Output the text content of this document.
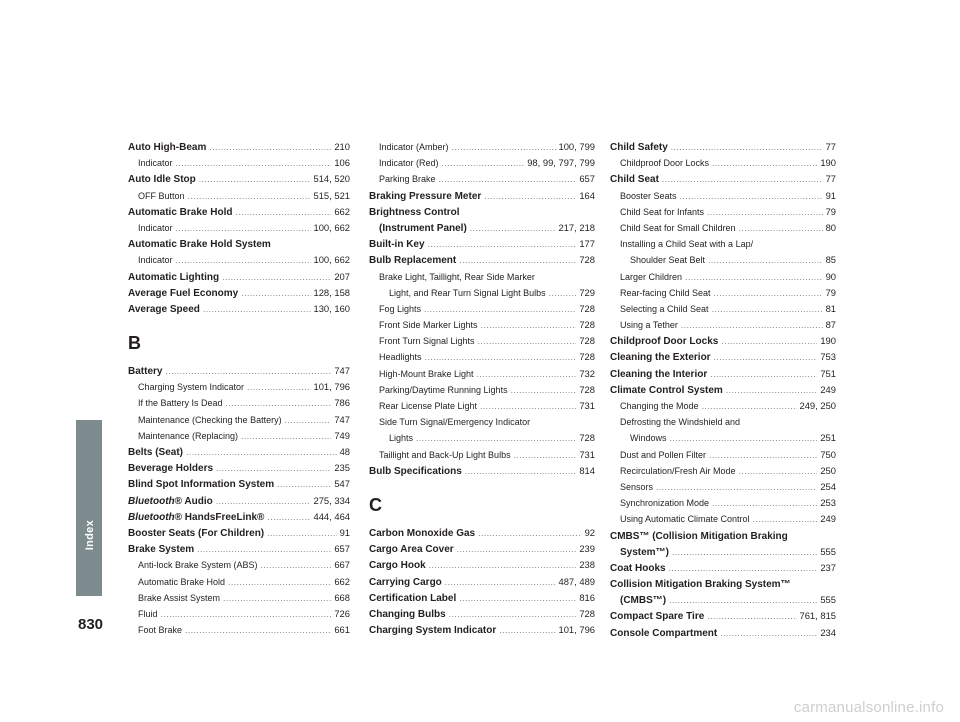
Index
830
Auto High-Beam .....	210
Indicator .....	106
Auto Idle Stop .....	514, 520
OFF Button .....	515, 521
Automatic Brake Hold .....	662
Indicator .....	100, 662
Automatic Brake Hold System
Indicator .....	100, 662
Automatic Lighting .....	207
Average Fuel Economy .....	128, 158
Average Speed .....	130, 160
B
Battery .....	747
Charging System Indicator .....	101, 796
If the Battery Is Dead .....	786
Maintenance (Checking the Battery) .....	747
Maintenance (Replacing) .....	749
Belts (Seat) .....	48
Beverage Holders .....	235
Blind Spot Information System .....	547
Bluetooth® Audio .....	275, 334
Bluetooth® HandsFreeLink® .....	444, 464
Booster Seats (For Children) .....	91
Brake System .....	657
Anti-lock Brake System (ABS) .....	667
Automatic Brake Hold .....	662
Brake Assist System .....	668
Fluid .....	726
Foot Brake .....	661
Indicator (Amber) .....	100, 799
Indicator (Red) .....	98, 99, 797, 799
Parking Brake .....	657
Braking Pressure Meter .....	164
Brightness Control
(Instrument Panel) .....	217, 218
Built-in Key .....	177
Bulb Replacement .....	728
Brake Light, Taillight, Rear Side Marker
Light, and Rear Turn Signal Light Bulbs .....	729
Fog Lights .....	728
Front Side Marker Lights .....	728
Front Turn Signal Lights .....	728
Headlights .....	728
High-Mount Brake Light .....	732
Parking/Daytime Running Lights .....	728
Rear License Plate Light .....	731
Side Turn Signal/Emergency Indicator
Lights .....	728
Taillight and Back-Up Light Bulbs .....	731
Bulb Specifications .....	814
C
Carbon Monoxide Gas .....	92
Cargo Area Cover .....	239
Cargo Hook .....	238
Carrying Cargo .....	487, 489
Certification Label .....	816
Changing Bulbs .....	728
Charging System Indicator .....	101, 796
Child Safety .....	77
Childproof Door Locks .....	190
Child Seat .....	77
Booster Seats .....	91
Child Seat for Infants .....	79
Child Seat for Small Children .....	80
Installing a Child Seat with a Lap/
Shoulder Seat Belt .....	85
Larger Children .....	90
Rear-facing Child Seat .....	79
Selecting a Child Seat .....	81
Using a Tether .....	87
Childproof Door Locks .....	190
Cleaning the Exterior .....	753
Cleaning the Interior .....	751
Climate Control System .....	249
Changing the Mode .....	249, 250
Defrosting the Windshield and
Windows .....	251
Dust and Pollen Filter .....	750
Recirculation/Fresh Air Mode .....	250
Sensors .....	254
Synchronization Mode .....	253
Using Automatic Climate Control .....	249
CMBS™ (Collision Mitigation Braking
System™) .....	555
Coat Hooks .....	237
Collision Mitigation Braking System™
(CMBS™) .....	555
Compact Spare Tire .....	761, 815
Console Compartment .....	234
carmanualsonline.info
